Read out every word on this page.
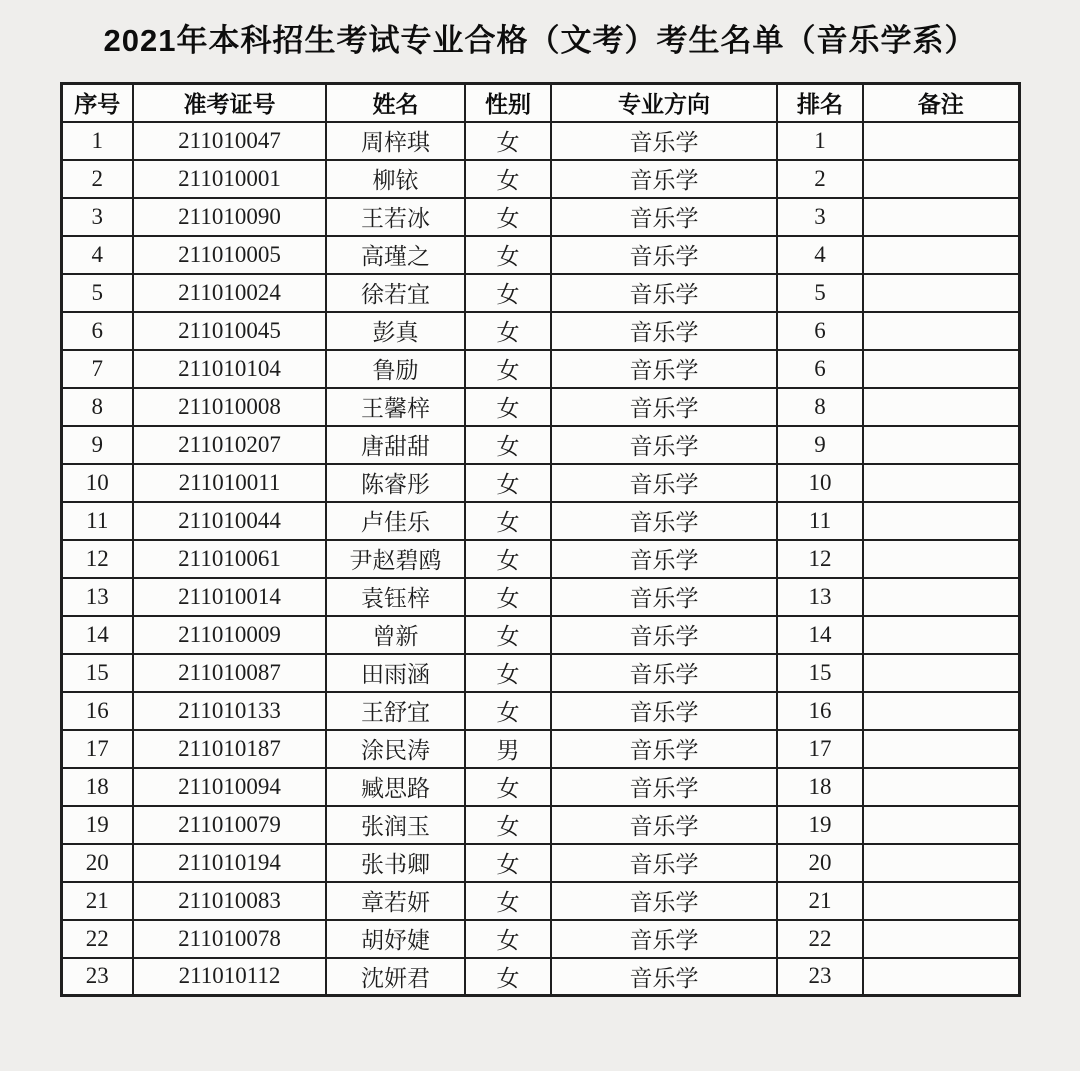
2021年本科招生考试专业合格（文考）考生名单（音乐学系）
序号	准考证号	姓名	性别	专业方向	排名	备注
1	211010047	周梓琪	女	音乐学	1	
2	211010001	柳铱	女	音乐学	2	
3	211010090	王若冰	女	音乐学	3	
4	211010005	高瑾之	女	音乐学	4	
5	211010024	徐若宜	女	音乐学	5	
6	211010045	彭真	女	音乐学	6	
7	211010104	鲁励	女	音乐学	6	
8	211010008	王馨梓	女	音乐学	8	
9	211010207	唐甜甜	女	音乐学	9	
10	211010011	陈睿彤	女	音乐学	10	
11	211010044	卢佳乐	女	音乐学	11	
12	211010061	尹赵碧鸥	女	音乐学	12	
13	211010014	袁钰梓	女	音乐学	13	
14	211010009	曾新	女	音乐学	14	
15	211010087	田雨涵	女	音乐学	15	
16	211010133	王舒宜	女	音乐学	16	
17	211010187	涂民涛	男	音乐学	17	
18	211010094	臧思路	女	音乐学	18	
19	211010079	张润玉	女	音乐学	19	
20	211010194	张书卿	女	音乐学	20	
21	211010083	章若妍	女	音乐学	21	
22	211010078	胡妤婕	女	音乐学	22	
23	211010112	沈妍君	女	音乐学	23	
